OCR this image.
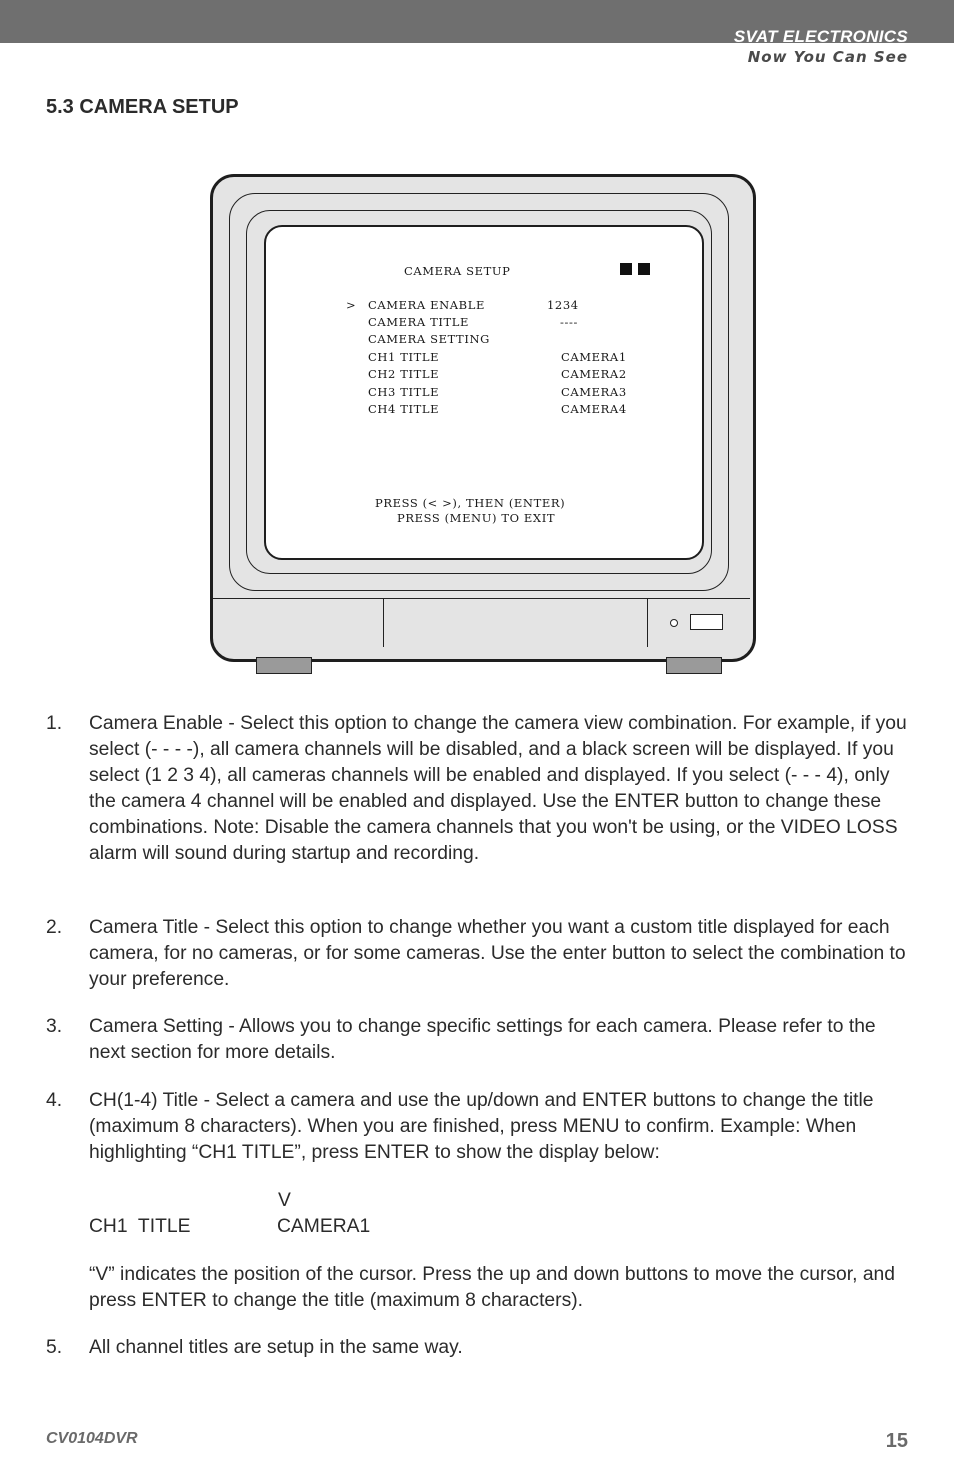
SVAT ELECTRONICS
Now You Can See
5.3 CAMERA SETUP
CAMERA SETUP
> CAMERA ENABLE	1234
CAMERA TITLE	----
CAMERA SETTING
CH1 TITLE	CAMERA1
CH2 TITLE	CAMERA2
CH3 TITLE	CAMERA3
CH4 TITLE	CAMERA4
PRESS (< >), THEN (ENTER)
PRESS (MENU) TO EXIT
1. Camera Enable - Select this option to change the camera view combination. For example, if you select (- - - -), all camera channels will be disabled, and a black screen will be displayed. If you select (1 2 3 4), all cameras channels will be enabled and displayed. If you select (- - - 4), only the camera 4 channel will be enabled and displayed. Use the ENTER button to change these combinations. Note: Disable the camera channels that you won't be using, or the VIDEO LOSS alarm will sound during startup and recording.
2. Camera Title - Select this option to change whether you want a custom title displayed for each camera, for no cameras, or for some cameras. Use the enter button to select the combination to your preference.
3. Camera Setting - Allows you to change specific settings for each camera. Please refer to the next section for more details.
4. CH(1-4) Title - Select a camera and use the up/down and ENTER buttons to change the title (maximum 8 characters). When you are finished, press MENU to confirm. Example: When highlighting “CH1 TITLE”, press ENTER to show the display below:
V
CH1  TITLE	CAMERA1
“V” indicates the position of the cursor. Press the up and down buttons to move the cursor, and press ENTER to change the title (maximum 8 characters).
5. All channel titles are setup in the same way.
CV0104DVR	15
